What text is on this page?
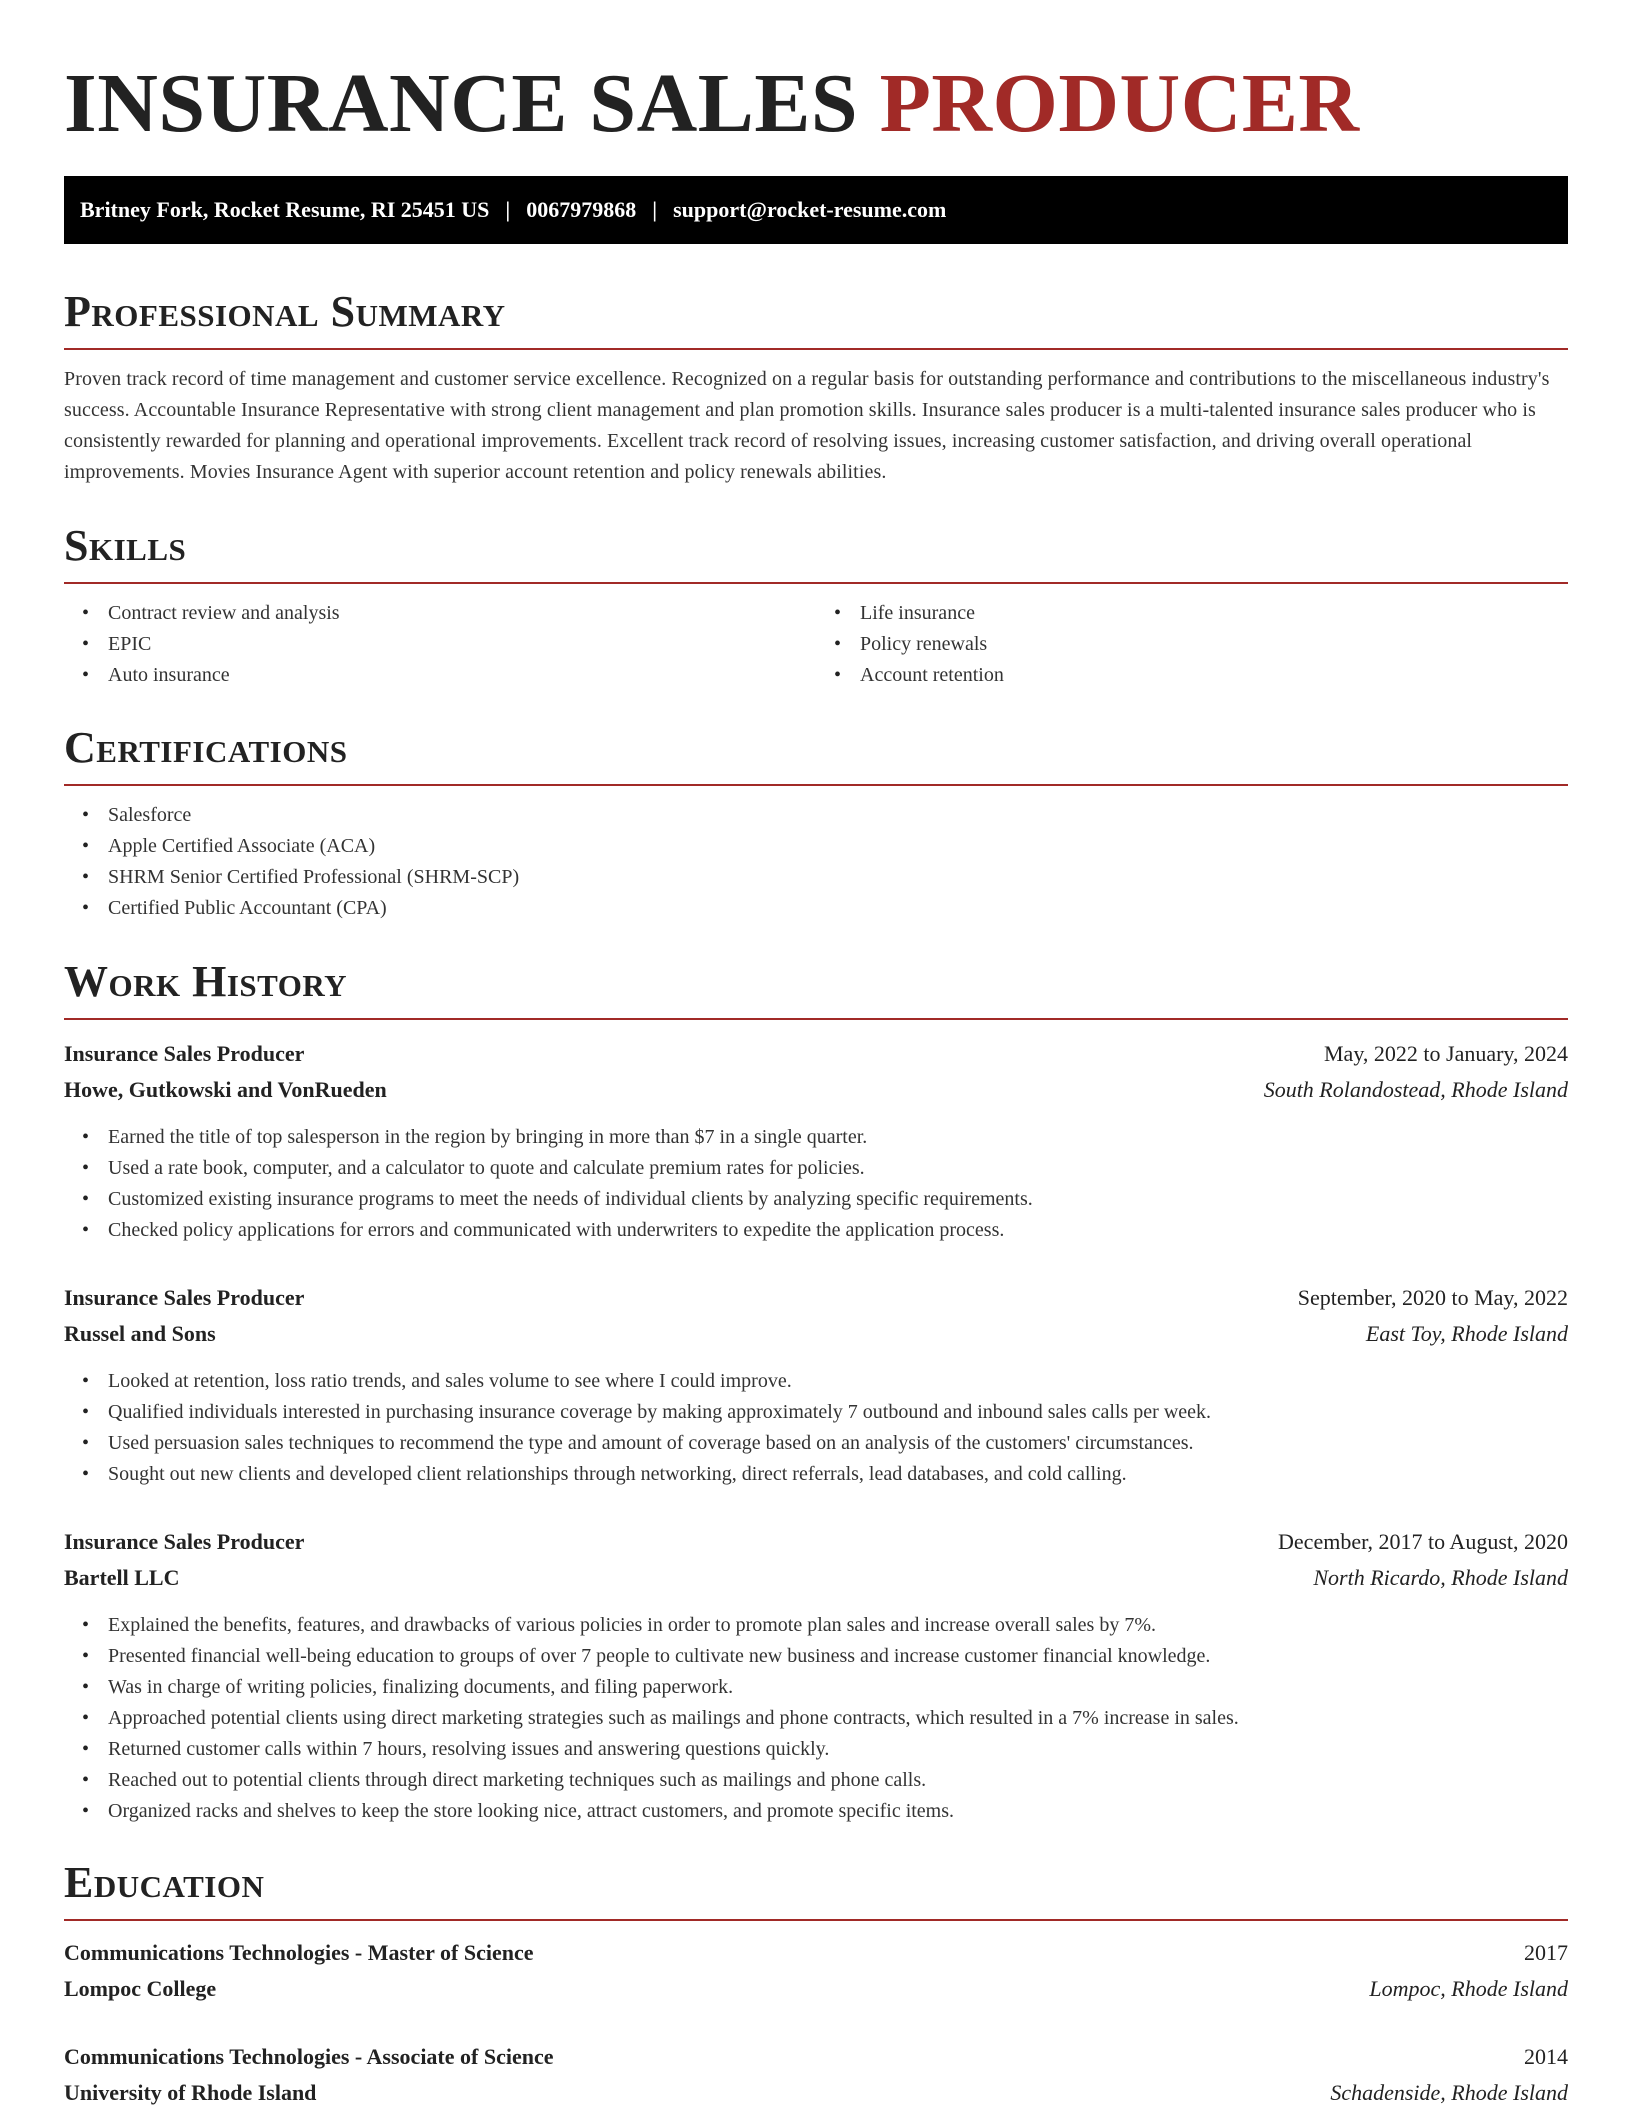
INSURANCE SALES PRODUCER
Britney Fork, Rocket Resume, RI 25451 US | 0067979868 | support@rocket-resume.com
Professional Summary

Proven track record of time management and customer service excellence. Recognized on a regular basis for outstanding performance and contributions to the miscellaneous industry's success. Accountable Insurance Representative with strong client management and plan promotion skills. Insurance sales producer is a multi-talented insurance sales producer who is consistently rewarded for planning and operational improvements. Excellent track record of resolving issues, increasing customer satisfaction, and driving overall operational improvements. Movies Insurance Agent with superior account retention and policy renewals abilities.

Skills
• Contract review and analysis
• EPIC
• Auto insurance
• Life insurance
• Policy renewals
• Account retention
Certifications
• Salesforce
• Apple Certified Associate (ACA)
• SHRM Senior Certified Professional (SHRM-SCP)
• Certified Public Accountant (CPA)
Work History
Insurance Sales Producer	May, 2022 to January, 2024
Howe, Gutkowski and VonRueden	South Rolandostead, Rhode Island
• Earned the title of top salesperson in the region by bringing in more than $7 in a single quarter.
• Used a rate book, computer, and a calculator to quote and calculate premium rates for policies.
• Customized existing insurance programs to meet the needs of individual clients by analyzing specific requirements.
• Checked policy applications for errors and communicated with underwriters to expedite the application process.
Insurance Sales Producer	September, 2020 to May, 2022
Russel and Sons	East Toy, Rhode Island
• Looked at retention, loss ratio trends, and sales volume to see where I could improve.
• Qualified individuals interested in purchasing insurance coverage by making approximately 7 outbound and inbound sales calls per week.
• Used persuasion sales techniques to recommend the type and amount of coverage based on an analysis of the customers' circumstances.
• Sought out new clients and developed client relationships through networking, direct referrals, lead databases, and cold calling.
Insurance Sales Producer	December, 2017 to August, 2020
Bartell LLC	North Ricardo, Rhode Island
• Explained the benefits, features, and drawbacks of various policies in order to promote plan sales and increase overall sales by 7%.
• Presented financial well-being education to groups of over 7 people to cultivate new business and increase customer financial knowledge.
• Was in charge of writing policies, finalizing documents, and filing paperwork.
• Approached potential clients using direct marketing strategies such as mailings and phone contracts, which resulted in a 7% increase in sales.
• Returned customer calls within 7 hours, resolving issues and answering questions quickly.
• Reached out to potential clients through direct marketing techniques such as mailings and phone calls.
• Organized racks and shelves to keep the store looking nice, attract customers, and promote specific items.
Education
Communications Technologies - Master of Science	2017
Lompoc College	Lompoc, Rhode Island
Communications Technologies - Associate of Science	2014
University of Rhode Island	Schadenside, Rhode Island
